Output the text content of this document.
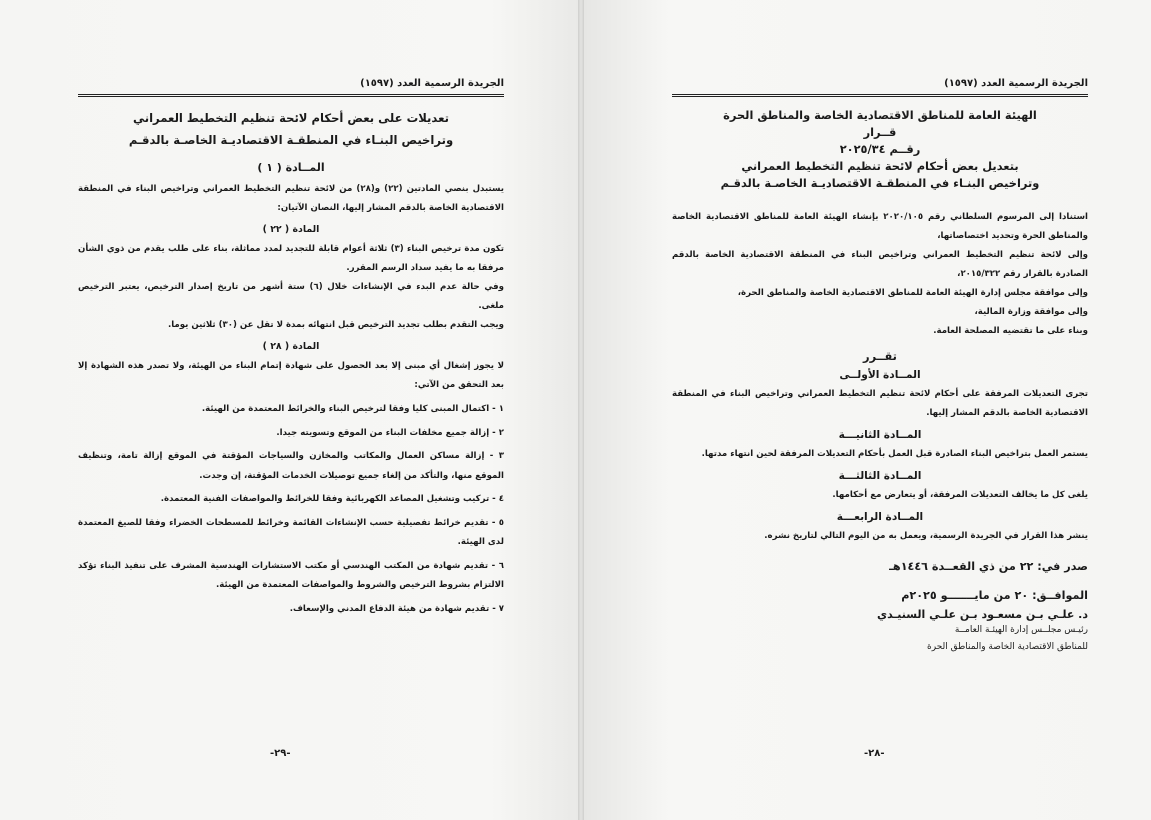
الجريدة الرسمية العدد (١٥٩٧)
تعديلات على بعض أحكام لائحة تنظيم التخطيط العمراني
وتراخيص البنـاء في المنطقـة الاقتصاديـة الخاصـة بالدقـم
المــادة ( ١ )

يستبدل بنصي المادتين (٢٢) و(٢٨) من لائحة تنظيم التخطيط العمراني وتراخيص البناء في المنطقة الاقتصادية الخاصة بالدقم المشار إليها، النصان الآتيان:

المادة ( ٢٢ )

تكون مدة ترخيص البناء (٣) ثلاثة أعوام قابلة للتجديد لمدد مماثلة، بناء على طلب يقدم من ذوي الشأن مرفقا به ما يفيد سداد الرسم المقرر.

وفي حالة عدم البدء في الإنشاءات خلال (٦) ستة أشهر من تاريخ إصدار الترخيص، يعتبر الترخيص ملغى.

ويجب التقدم بطلب تجديد الترخيص قبل انتهائه بمدة لا تقل عن (٣٠) ثلاثين يوما.

المادة ( ٢٨ )

لا يجوز إشغال أي مبنى إلا بعد الحصول على شهادة إتمام البناء من الهيئة، ولا تصدر هذه الشهادة إلا بعد التحقق من الآتي:

١ - اكتمال المبنى كليا وفقا لترخيص البناء والخرائط المعتمدة من الهيئة.

٢ - إزالة جميع مخلفات البناء من الموقع وتسويته جيدا.

٣ - إزالة مساكن العمال والمكاتب والمخازن والسياجات المؤقتة في الموقع إزالة تامة، وتنظيف الموقع منها، والتأكد من إلغاء جميع توصيلات الخدمات المؤقتة، إن وجدت.

٤ - تركيب وتشغيل المصاعد الكهربائية وفقا للخرائط والمواصفات الفنية المعتمدة.

٥ - تقديم خرائط تفصيلية حسب الإنشاءات القائمة وخرائط للمسطحات الخضراء وفقا للصيغ المعتمدة لدى الهيئة.

٦ - تقديم شهادة من المكتب الهندسي أو مكتب الاستشارات الهندسية المشرف على تنفيذ البناء تؤكد الالتزام بشروط الترخيص والشروط والمواصفات المعتمدة من الهيئة.

٧ - تقديم شهادة من هيئة الدفاع المدني والإسعاف.

-٢٩-
الجريدة الرسمية العدد (١٥٩٧)
الهيئة العامة للمناطق الاقتصادية الخاصة والمناطق الحرة
قــرار
رقــم ٢٠٢٥/٣٤
بتعديل بعض أحكام لائحة تنظيم التخطيط العمراني
وتراخيص البنـاء في المنطقـة الاقتصاديـة الخاصـة بالدقـم

استنادا إلى المرسوم السلطاني رقم ٢٠٢٠/١٠٥ بإنشاء الهيئة العامة للمناطق الاقتصادية الخاصة والمناطق الحرة وتحديد اختصاصاتها،

وإلى لائحة تنظيم التخطيط العمراني وتراخيص البناء في المنطقة الاقتصادية الخاصة بالدقم الصادرة بالقرار رقم ٢٠١٥/٣٢٢،

وإلى موافقة مجلس إدارة الهيئة العامة للمناطق الاقتصادية الخاصة والمناطق الحرة،

وإلى موافقة وزارة المالية،

وبناء على ما تقتضيه المصلحة العامة.

تقــرر
المــادة الأولــى

تجرى التعديلات المرفقة على أحكام لائحة تنظيم التخطيط العمراني وتراخيص البناء في المنطقة الاقتصادية الخاصة بالدقم المشار إليها.

المــادة الثانيـــة

يستمر العمل بتراخيص البناء الصادرة قبل العمل بأحكام التعديلات المرفقة لحين انتهاء مدتها.

المــادة الثالثـــة

يلغى كل ما يخالف التعديلات المرفقة، أو يتعارض مع أحكامها.

المــادة الرابعـــة

ينشر هذا القرار في الجريدة الرسمية، ويعمل به من اليوم التالي لتاريخ نشره.

صدر في: ٢٢ من ذي القعــدة ١٤٤٦هـ
الموافــق: ٢٠ من مايـــــــو ٢٠٢٥م
د. علـي بـن مسعـود بـن علـي السنيـدي
رئيـس مجلــس إدارة الهيئـة العامــة
للمناطق الاقتصادية الخاصة والمناطق الحرة
-٢٨-
